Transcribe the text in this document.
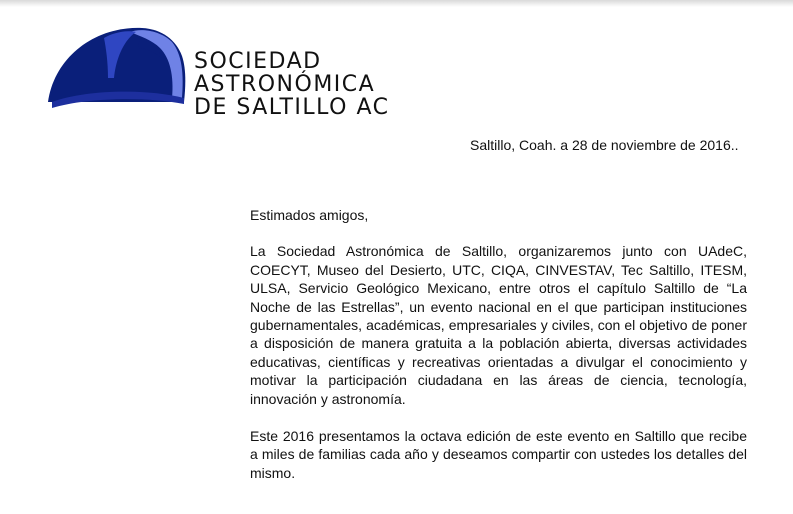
SOCIEDAD
ASTRONÓMICA
DE SALTILLO AC
Saltillo, Coah. a 28 de noviembre de 2016..

Estimados amigos,

La Sociedad Astronómica de Saltillo, organizaremos junto con UAdeC, COECYT, Museo del Desierto, UTC, CIQA, CINVESTAV, Tec Saltillo, ITESM, ULSA, Servicio Geológico Mexicano, entre otros el capítulo Saltillo de “La Noche de las Estrellas”, un evento nacional en el que participan instituciones gubernamentales, académicas, empresariales y civiles, con el objetivo de poner a disposición de manera gratuita a la población abierta, diversas actividades educativas, científicas y recreativas orientadas a divulgar el conocimiento y motivar la participación ciudadana en las áreas de ciencia, tecnología, innovación y astronomía.

Este 2016 presentamos la octava edición de este evento en Saltillo que recibe a miles de familias cada año y deseamos compartir con ustedes los detalles del mismo.
